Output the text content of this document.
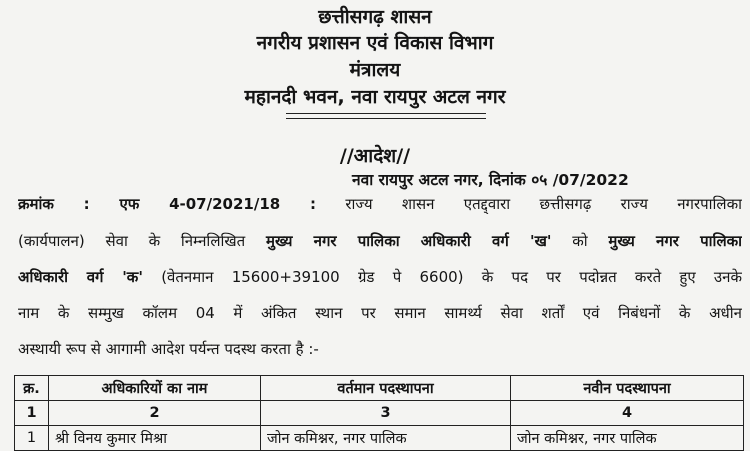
छत्तीसगढ़ शासन
नगरीय प्रशासन एवं विकास विभाग
मंत्रालय
महानदी भवन, नवा रायपुर अटल नगर
//आदेश//
नवा रायपुर अटल नगर, दिनांक ०५ /07/2022
क्रमांक : एफ 4-07/2021/18 : राज्य शासन एतद्द्वारा छत्तीसगढ़ राज्य नगरपालिका
(कार्यपालन) सेवा के निम्नलिखित मुख्य नगर पालिका अधिकारी वर्ग 'ख' को मुख्य नगर पालिका
अधिकारी वर्ग 'क' (वेतनमान 15600+39100 ग्रेड पे 6600) के पद पर पदोन्नत करते हुए उनके
नाम के सम्मुख कॉलम 04 में अंकित स्थान पर समान सामर्थ्य सेवा शर्तों एवं निबंधनों के अधीन
अस्थायी रूप से आगामी आदेश पर्यन्त पदस्थ करता है :-
क्र.	अधिकारियों का नाम	वर्तमान पदस्थापना	नवीन पदस्थापना
1	2	3	4
1	श्री विनय कुमार मिश्रा	जोन कमिश्नर, नगर पालिक	जोन कमिश्नर, नगर पालिक
